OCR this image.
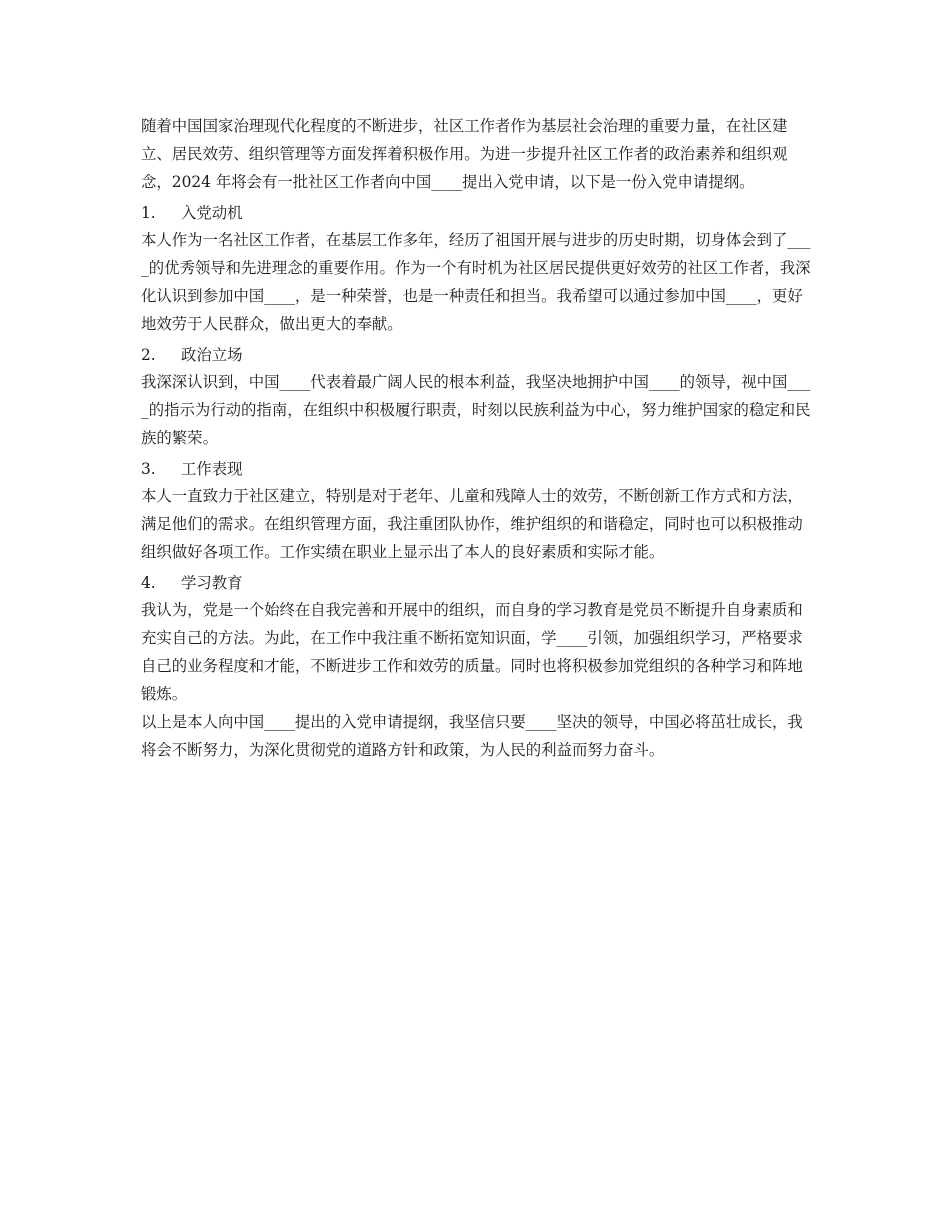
随着中国国家治理现代化程度的不断进步，社区工作者作为基层社会治理的重要力量，在社区建立、居民效劳、组织管理等方面发挥着积极作用。为进一步提升社区工作者的政治素养和组织观念，2024 年将会有一批社区工作者向中国____提出入党申请，以下是一份入党申请提纲。

1.	入党动机

本人作为一名社区工作者，在基层工作多年，经历了祖国开展与进步的历史时期，切身体会到了____的优秀领导和先进理念的重要作用。作为一个有时机为社区居民提供更好效劳的社区工作者，我深化认识到参加中国____，是一种荣誉，也是一种责任和担当。我希望可以通过参加中国____，更好地效劳于人民群众，做出更大的奉献。

2.	政治立场

我深深认识到，中国____代表着最广阔人民的根本利益，我坚决地拥护中国____的领导，视中国____的指示为行动的指南，在组织中积极履行职责，时刻以民族利益为中心，努力维护国家的稳定和民族的繁荣。

3.	工作表现

本人一直致力于社区建立，特别是对于老年、儿童和残障人士的效劳，不断创新工作方式和方法，满足他们的需求。在组织管理方面，我注重团队协作，维护组织的和谐稳定，同时也可以积极推动组织做好各项工作。工作实绩在职业上显示出了本人的良好素质和实际才能。

4.	学习教育

我认为，党是一个始终在自我完善和开展中的组织，而自身的学习教育是党员不断提升自身素质和充实自己的方法。为此，在工作中我注重不断拓宽知识面，学____引领，加强组织学习，严格要求自己的业务程度和才能，不断进步工作和效劳的质量。同时也将积极参加党组织的各种学习和阵地锻炼。

以上是本人向中国____提出的入党申请提纲，我坚信只要____坚决的领导，中国必将茁壮成长，我将会不断努力，为深化贯彻党的道路方针和政策，为人民的利益而努力奋斗。
